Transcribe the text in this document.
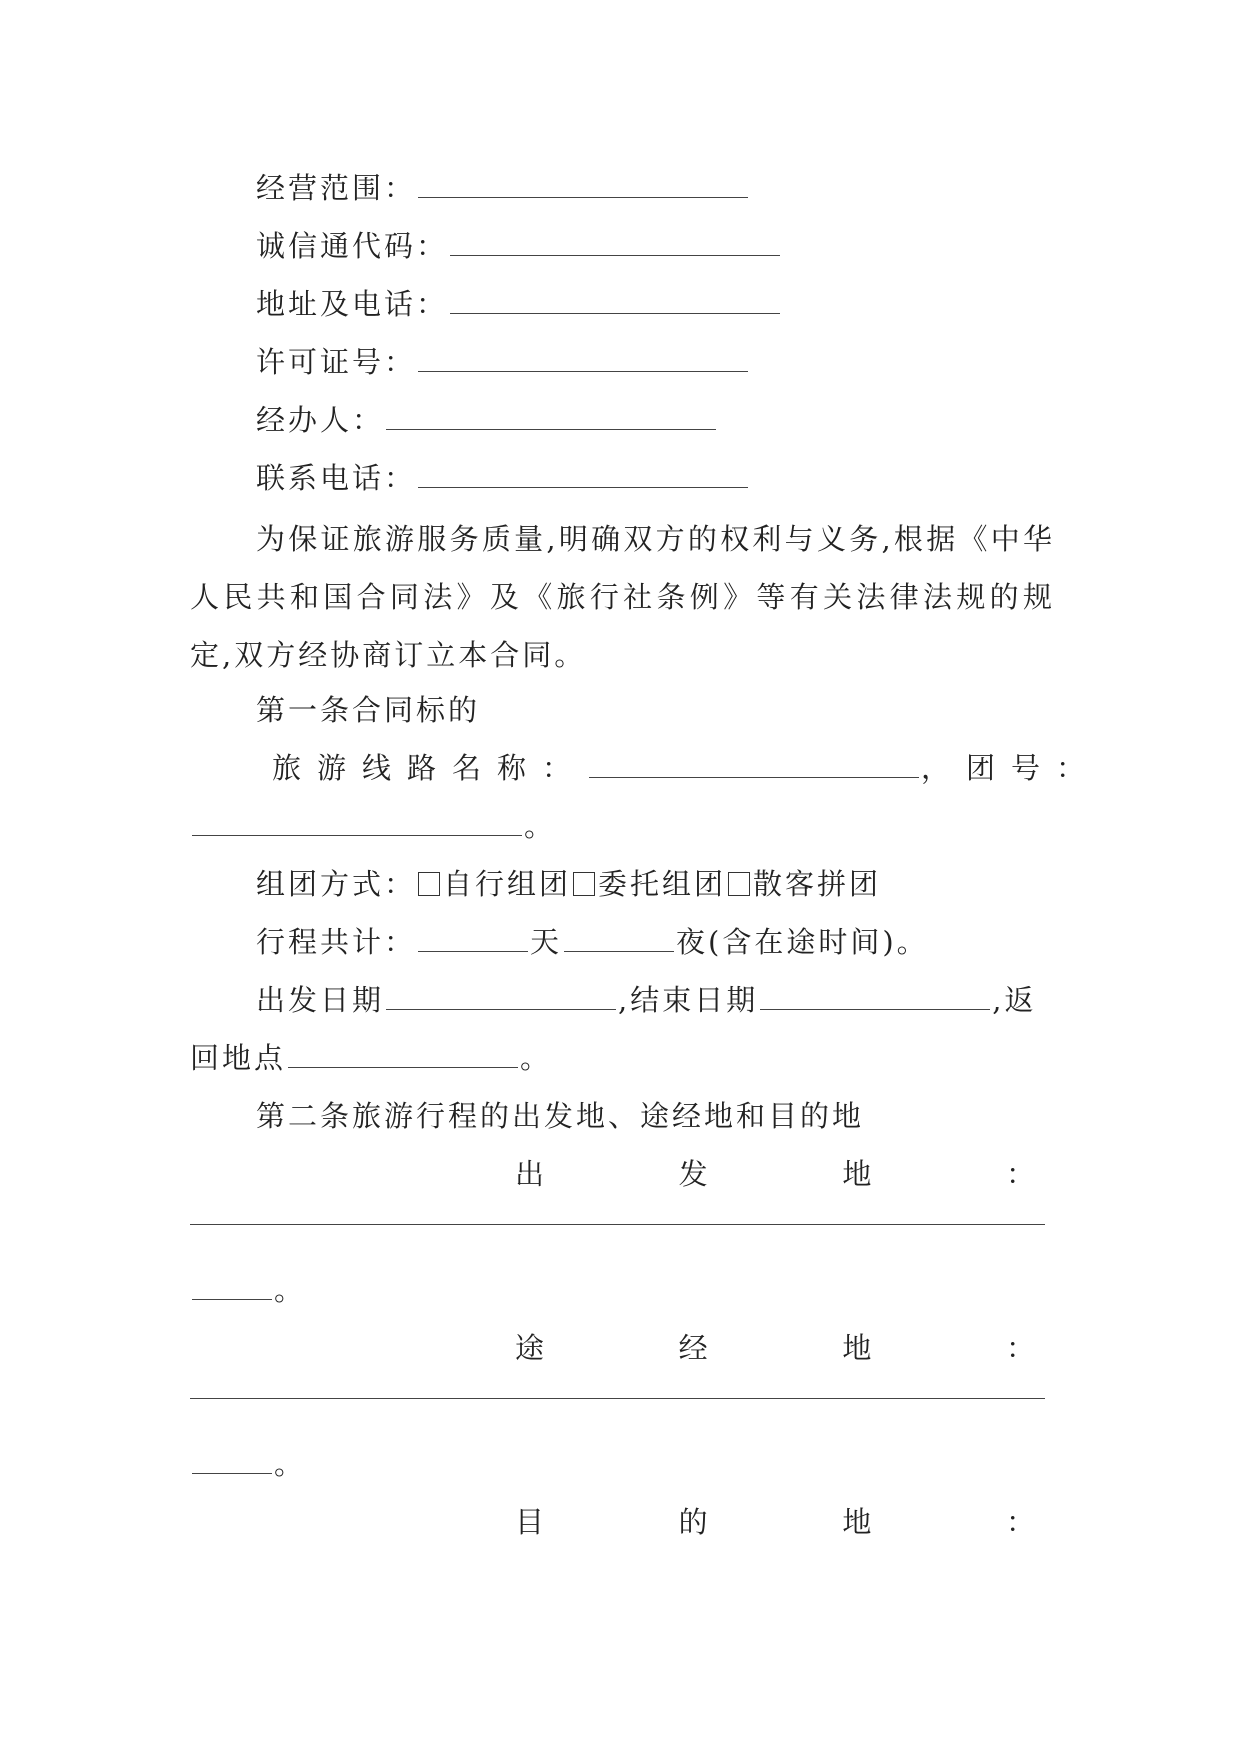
经营范围：
诚信通代码：
地址及电话：
许可证号：
经办人：
联系电话：
为保证旅游服务质量,明确双方的权利与义务,根据《中华人民共和国合同法》及《旅行社条例》等有关法律法规的规定,双方经协商订立本合同。
第一条合同标的
旅游线路名称：	，团号：
。
组团方式： 自行组团 委托组团 散客拼团
行程共计：	天	夜(含在途时间)。
出发日期	,结束日期	,返
回地点	。
第二条旅游行程的出发地、途经地和目的地
出	发	地	：
。
途	经	地	：
。
目	的	地	：
